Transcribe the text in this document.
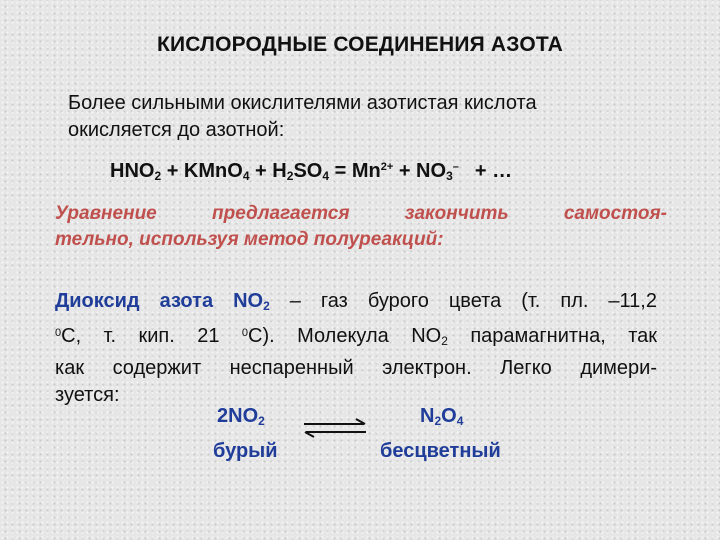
КИСЛОРОДНЫЕ СОЕДИНЕНИЯ АЗОТА
Более сильными окислителями азотистая кислота
окисляется до азотной:
$HNO_2$ + KMnO$_4$ + $H_2SO_4 = Mn^{2+} + NO_3^-$ + …
Уравнение предлагается закончить самостоя-
тельно, используя метод полуреакций:
Диоксид азота $NO_2$ – газ бурого цвета (т. пл. –11,2
$^0$С, т. кип. 21 $^0$С). Молекула $NO_2$ парамагнитна, так
как содержит неспаренный электрон. Легко димери-
зуется:
$2NO_2$	$N_2O_4$
бурый	бесцветный
